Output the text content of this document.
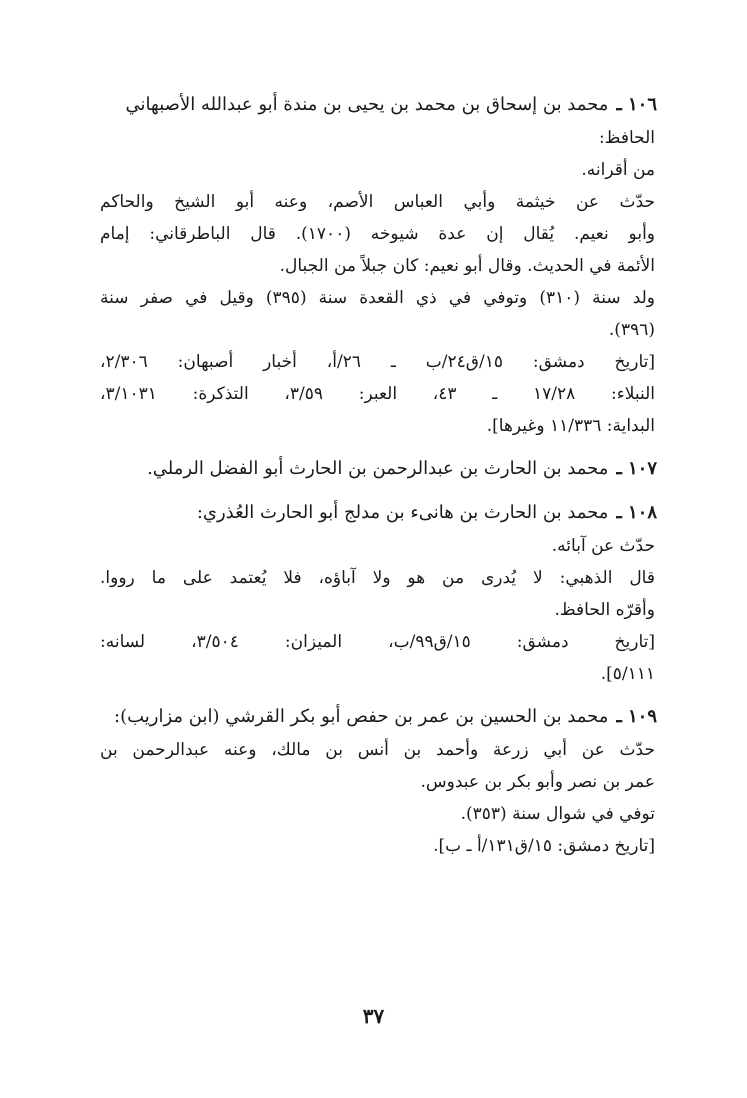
١٠٦ ـ
محمد بن إسحاق بن محمد بن يحيى بن مندة أبو عبدالله الأصبهاني
الحافظ:
من أقرانه.
حدّث عن خيثمة وأبي العباس الأصم، وعنه أبو الشيخ والحاكم
وأبو نعيم. يُقال إن عدة شيوخه (١٧٠٠). قال الباطرقاني: إمام
الأئمة في الحديث. وقال أبو نعيم: كان جبلاً من الجبال.
ولد سنة (٣١٠) وتوفي في ذي القعدة سنة (٣٩٥) وقيل في صفر سنة
(٣٩٦).
[تاريخ دمشق: ١٥/ق٢٤/ب ـ ٢٦/أ، أخبار أصبهان: ٢/٣٠٦،
النبلاء: ١٧/٢٨ ـ ٤٣، العبر: ٣/٥٩، التذكرة: ٣/١٠٣١،
البداية: ١١/٣٣٦ وغيرها].
١٠٧ ـ
محمد بن الحارث بن عبدالرحمن بن الحارث أبو الفضل الرملي.
١٠٨ ـ
محمد بن الحارث بن هانىء بن مدلج أبو الحارث العُذري:
حدّث عن آبائه.
قال الذهبي: لا يُدرى من هو ولا آباؤه، فلا يُعتمد على ما رووا.
وأقرّه الحافظ.
[تاريخ دمشق: ١٥/ق٩٩/ب، الميزان: ٣/٥٠٤، لسانه:
٥/١١١].
١٠٩ ـ
محمد بن الحسين بن عمر بن حفص أبو بكر القرشي (ابن مزاريب):
حدّث عن أبي زرعة وأحمد بن أنس بن مالك، وعنه عبدالرحمن بن
عمر بن نصر وأبو بكر بن عبدوس.
توفي في شوال سنة (٣٥٣).
[تاريخ دمشق: ١٥/ق١٣١/أ ـ ب].
٣٧
